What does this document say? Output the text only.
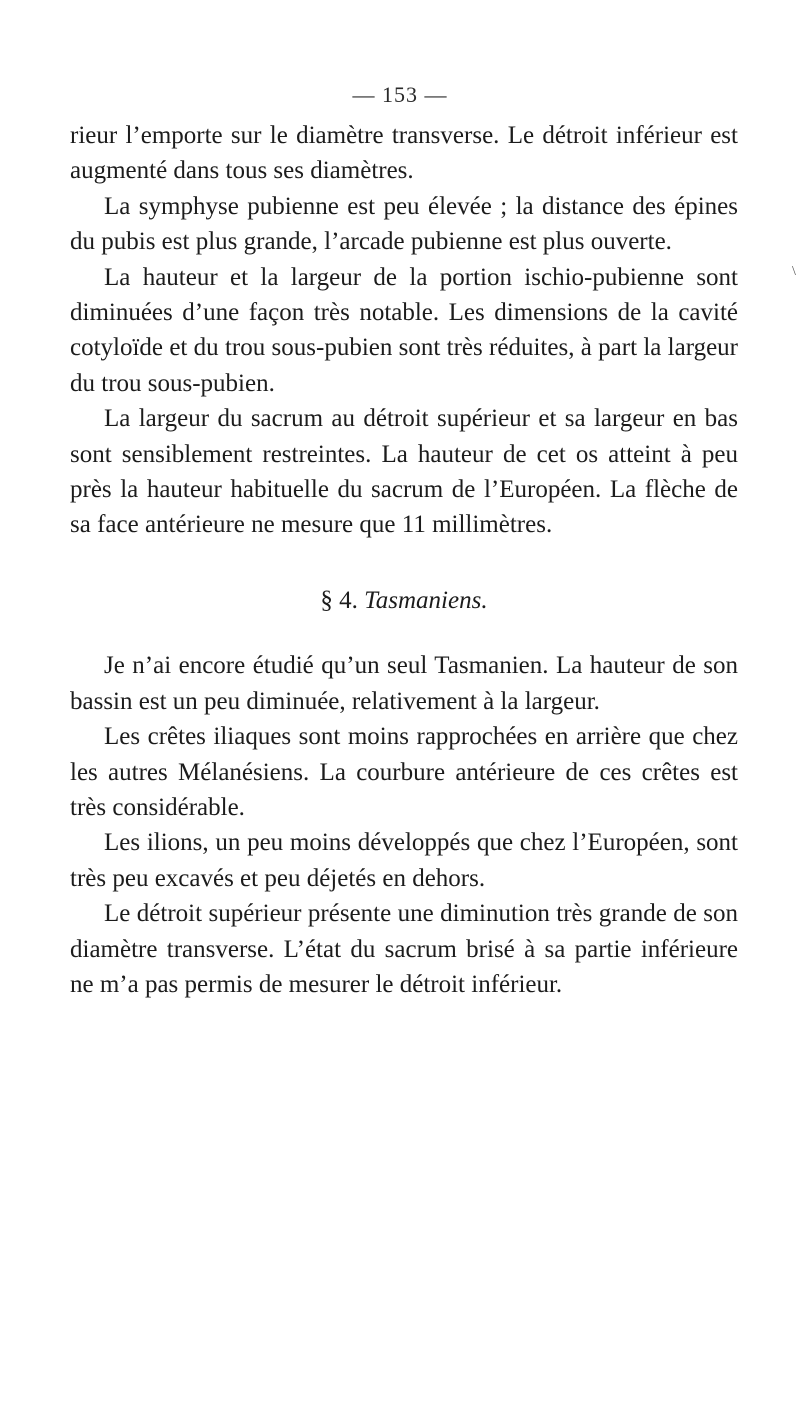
— 153 —
\

rieur l’emporte sur le diamètre transverse. Le détroit inférieur est augmenté dans tous ses diamètres.

La symphyse pubienne est peu élevée ; la distance des épines du pubis est plus grande, l’arcade pubienne est plus ouverte.

La hauteur et la largeur de la portion ischio-pubienne sont diminuées d’une façon très notable. Les dimensions de la cavité cotyloïde et du trou sous-pubien sont très réduites, à part la largeur du trou sous-pubien.

La largeur du sacrum au détroit supérieur et sa largeur en bas sont sensiblement restreintes. La hauteur de cet os atteint à peu près la hauteur habituelle du sacrum de l’Européen. La flèche de sa face antérieure ne mesure que 11 millimètres.

§ 4. Tasmaniens.

Je n’ai encore étudié qu’un seul Tasmanien. La hauteur de son bassin est un peu diminuée, relativement à la largeur.

Les crêtes iliaques sont moins rapprochées en arrière que chez les autres Mélanésiens. La courbure antérieure de ces crêtes est très considérable.

Les ilions, un peu moins développés que chez l’Européen, sont très peu excavés et peu déjetés en dehors.

Le détroit supérieur présente une diminution très grande de son diamètre transverse. L’état du sacrum brisé à sa partie inférieure ne m’a pas permis de mesurer le détroit inférieur.
